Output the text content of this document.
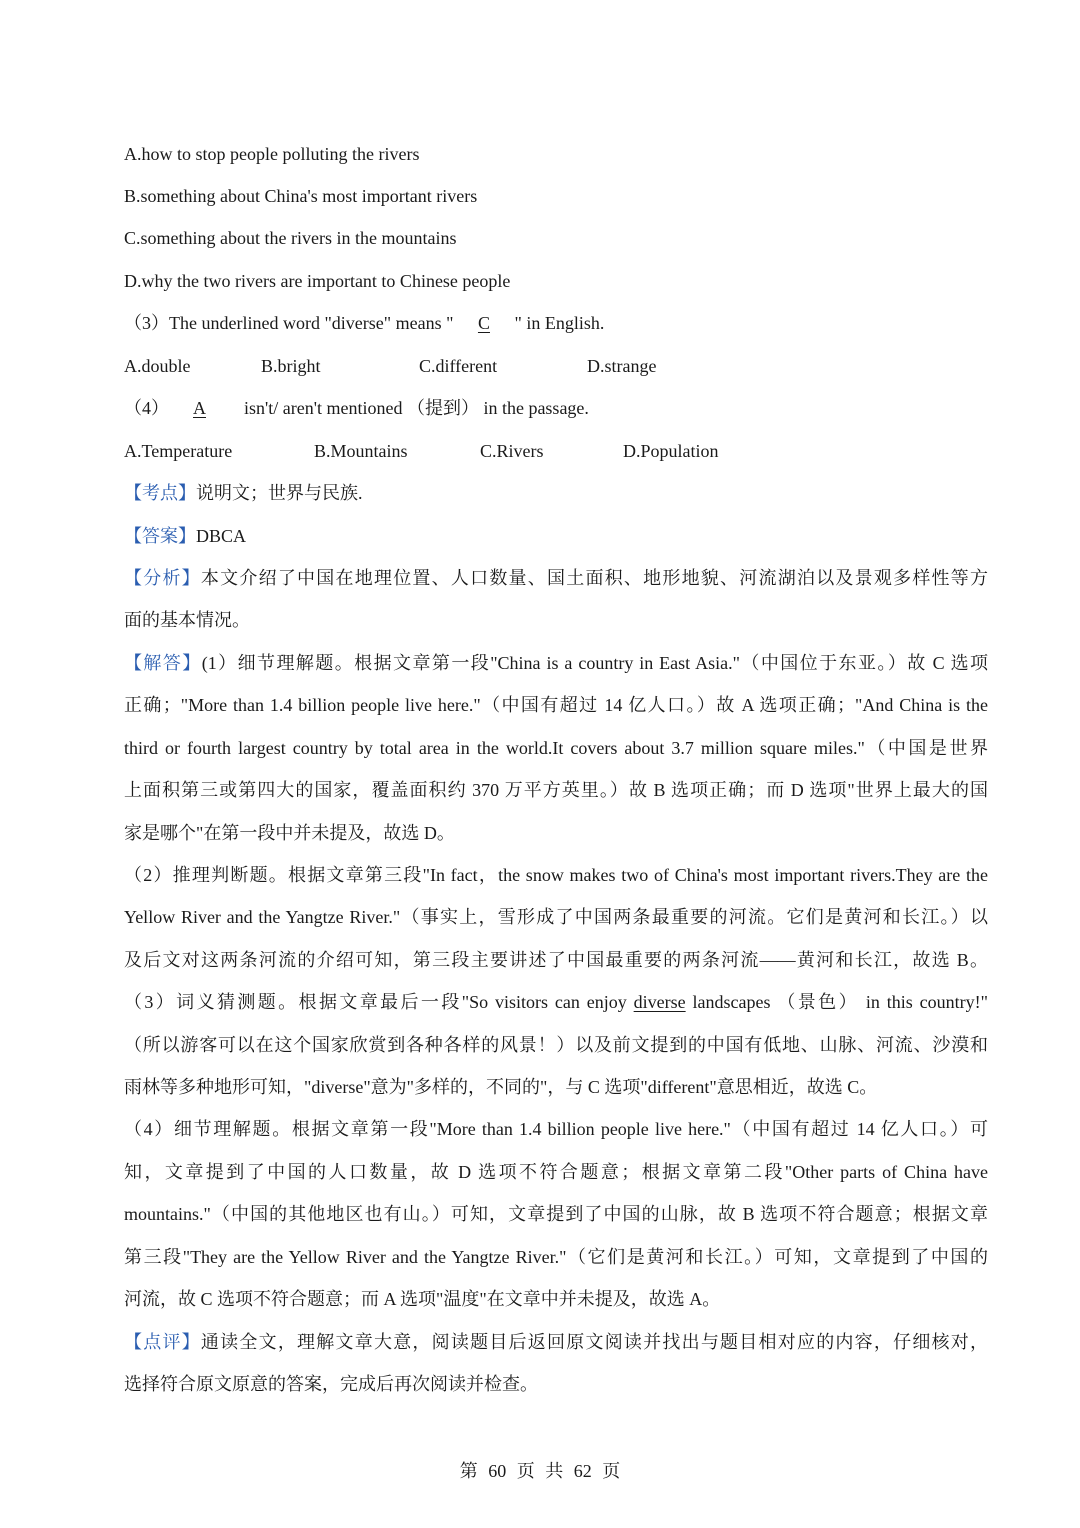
A.how to stop people polluting the rivers
B.something about China's most important rivers
C.something about the rivers in the mountains
D.why the two rivers are important to Chinese people
（3）The underlined word "diverse" means " C " in English.
A.double	B.bright	C.different	D.strange
（4） A isn't/ aren't mentioned （提到） in the passage.
A.Temperature	B.Mountains	C.Rivers	D.Population
【考点】说明文；世界与民族.
【答案】DBCA
【分析】本文介绍了中国在地理位置、人口数量、国土面积、地形地貌、河流湖泊以及景观多样性等方
面的基本情况。
【解答】(1）细节理解题。根据文章第一段"China is a country in East Asia."（中国位于东亚。）故 C 选项
正确；"More than 1.4 billion people live here."（中国有超过 14 亿人口。）故 A 选项正确；"And China is the
third or fourth largest country by total area in the world.It covers about 3.7 million square miles."（中国是世界
上面积第三或第四大的国家，覆盖面积约 370 万平方英里。）故 B 选项正确；而 D 选项"世界上最大的国
家是哪个"在第一段中并未提及，故选 D。
（2）推理判断题。根据文章第三段"In fact，the snow makes two of China's most important rivers.They are the
Yellow River and the Yangtze River."（事实上，雪形成了中国两条最重要的河流。它们是黄河和长江。）以
及后文对这两条河流的介绍可知，第三段主要讲述了中国最重要的两条河流——黄河和长江，故选 B。
（3）词义猜测题。根据文章最后一段"So visitors can enjoy diverse landscapes （景色） in this country!"
（所以游客可以在这个国家欣赏到各种各样的风景！）以及前文提到的中国有低地、山脉、河流、沙漠和
雨林等多种地形可知，"diverse"意为"多样的，不同的"，与 C 选项"different"意思相近，故选 C。
（4）细节理解题。根据文章第一段"More than 1.4 billion people live here."（中国有超过 14 亿人口。）可
知，文章提到了中国的人口数量，故 D 选项不符合题意；根据文章第二段"Other parts of China have
mountains."（中国的其他地区也有山。）可知，文章提到了中国的山脉，故 B 选项不符合题意；根据文章
第三段"They are the Yellow River and the Yangtze River."（它们是黄河和长江。）可知，文章提到了中国的
河流，故 C 选项不符合题意；而 A 选项"温度"在文章中并未提及，故选 A。
【点评】通读全文，理解文章大意，阅读题目后返回原文阅读并找出与题目相对应的内容，仔细核对，
选择符合原文原意的答案，完成后再次阅读并检查。
第 60 页 共 62 页
